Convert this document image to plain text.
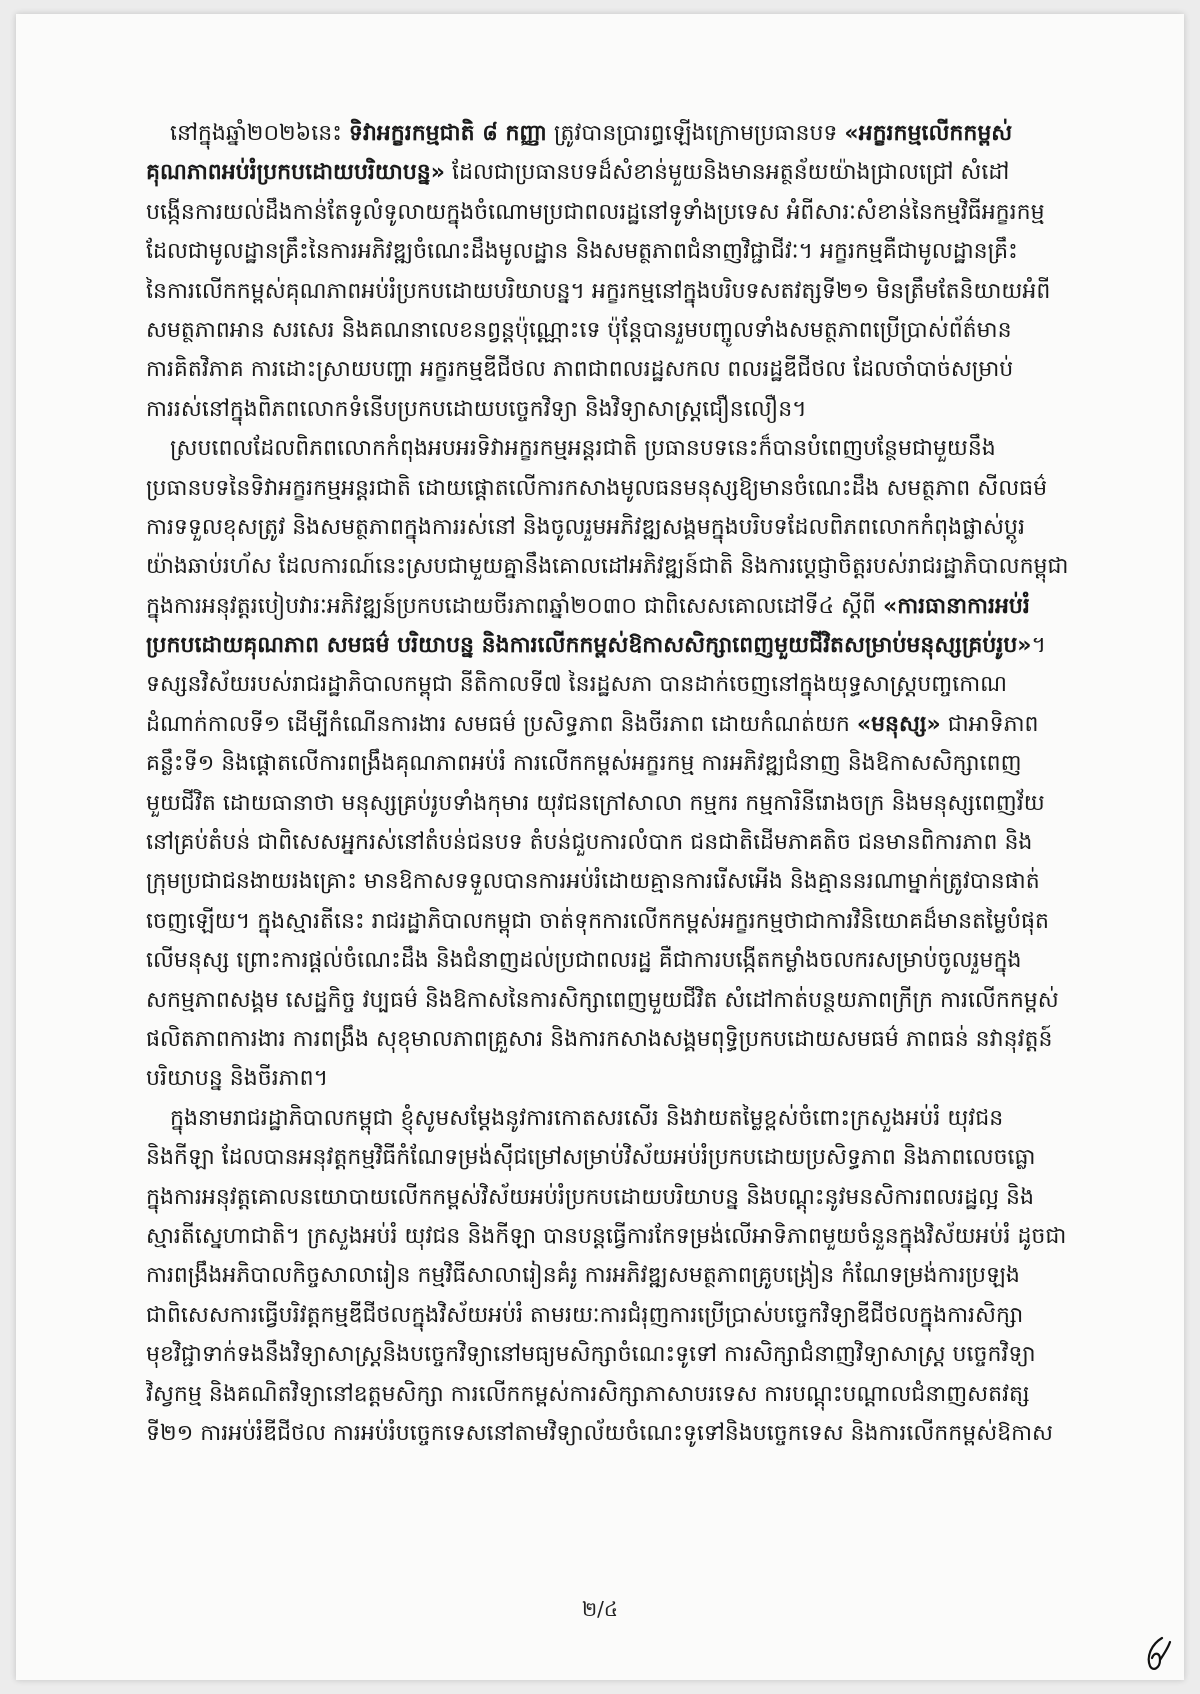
នៅក្នុងឆ្នាំ២០២៦នេះ ទិវាអក្ខរកម្មជាតិ ៨ កញ្ញា ត្រូវបានប្រារព្ធឡើងក្រោមប្រធានបទ «អក្ខរកម្មលើកកម្ពស់
គុណភាពអប់រំប្រកបដោយបរិយាបន្ន» ដែលជាប្រធានបទដ៏សំខាន់មួយនិងមានអត្ថន័យយ៉ាងជ្រាលជ្រៅ សំដៅ
បង្កើនការយល់ដឹងកាន់តែទូលំទូលាយក្នុងចំណោមប្រជាពលរដ្ឋនៅទូទាំងប្រទេស អំពីសារៈសំខាន់នៃកម្មវិធីអក្ខរកម្ម
ដែលជាមូលដ្ឋានគ្រឹះនៃការអភិវឌ្ឍចំណេះដឹងមូលដ្ឋាន និងសមត្ថភាពជំនាញវិជ្ជាជីវៈ។ អក្ខរកម្មគឺជាមូលដ្ឋានគ្រឹះ
នៃការលើកកម្ពស់គុណភាពអប់រំប្រកបដោយបរិយាបន្ន។ អក្ខរកម្មនៅក្នុងបរិបទសតវត្សទី២១ មិនត្រឹមតែនិយាយអំពី
សមត្ថភាពអាន សរសេរ និងគណនាលេខនព្វន្តប៉ុណ្ណោះទេ ប៉ុន្តែបានរួមបញ្ចូលទាំងសមត្ថភាពប្រើប្រាស់ព័ត៌មាន
ការគិតវិភាគ ការដោះស្រាយបញ្ហា អក្ខរកម្មឌីជីថល ភាពជាពលរដ្ឋសកល ពលរដ្ឋឌីជីថល ដែលចាំបាច់សម្រាប់
ការរស់នៅក្នុងពិភពលោកទំនើបប្រកបដោយបច្ចេកវិទ្យា និងវិទ្យាសាស្ត្រជឿនលឿន។
ស្របពេលដែលពិភពលោកកំពុងអបអរទិវាអក្ខរកម្មអន្តរជាតិ ប្រធានបទនេះក៏បានបំពេញបន្ថែមជាមួយនឹង
ប្រធានបទនៃទិវាអក្ខរកម្មអន្តរជាតិ ដោយផ្តោតលើការកសាងមូលធនមនុស្សឱ្យមានចំណេះដឹង សមត្ថភាព សីលធម៌
ការទទួលខុសត្រូវ និងសមត្ថភាពក្នុងការរស់នៅ និងចូលរួមអភិវឌ្ឍសង្គមក្នុងបរិបទដែលពិភពលោកកំពុងផ្លាស់ប្តូរ
យ៉ាងឆាប់រហ័ស ដែលការណ៍នេះស្របជាមួយគ្នានឹងគោលដៅអភិវឌ្ឍន៍ជាតិ និងការប្តេជ្ញាចិត្តរបស់រាជរដ្ឋាភិបាលកម្ពុជា
ក្នុងការអនុវត្តរបៀបវារៈអភិវឌ្ឍន៍ប្រកបដោយចីរភាពឆ្នាំ២០៣០ ជាពិសេសគោលដៅទី៤ ស្តីពី «ការធានាការអប់រំ
ប្រកបដោយគុណភាព សមធម៌ បរិយាបន្ន និងការលើកកម្ពស់ឱកាសសិក្សាពេញមួយជីវិតសម្រាប់មនុស្សគ្រប់រូប»។
ទស្សនវិស័យរបស់រាជរដ្ឋាភិបាលកម្ពុជា នីតិកាលទី៧ នៃរដ្ឋសភា បានដាក់ចេញនៅក្នុងយុទ្ធសាស្ត្របញ្ចកោណ
ដំណាក់កាលទី១ ដើម្បីកំណើនការងារ សមធម៌ ប្រសិទ្ធភាព និងចីរភាព ដោយកំណត់យក «មនុស្ស» ជាអាទិភាព
គន្លឹះទី១ និងផ្តោតលើការពង្រឹងគុណភាពអប់រំ ការលើកកម្ពស់អក្ខរកម្ម ការអភិវឌ្ឍជំនាញ និងឱកាសសិក្សាពេញ
មួយជីវិត ដោយធានាថា មនុស្សគ្រប់រូបទាំងកុមារ យុវជនក្រៅសាលា កម្មករ កម្មការិនីរោងចក្រ និងមនុស្សពេញវ័យ
នៅគ្រប់តំបន់ ជាពិសេសអ្នករស់នៅតំបន់ជនបទ តំបន់ជួបការលំបាក ជនជាតិដើមភាគតិច ជនមានពិការភាព និង
ក្រុមប្រជាជនងាយរងគ្រោះ មានឱកាសទទួលបានការអប់រំដោយគ្មានការរើសអើង និងគ្មាននរណាម្នាក់ត្រូវបានផាត់
ចេញឡើយ។ ក្នុងស្មារតីនេះ រាជរដ្ឋាភិបាលកម្ពុជា ចាត់ទុកការលើកកម្ពស់អក្ខរកម្មថាជាការវិនិយោគដ៏មានតម្លៃបំផុត
លើមនុស្ស ព្រោះការផ្តល់ចំណេះដឹង និងជំនាញដល់ប្រជាពលរដ្ឋ គឺជាការបង្កើតកម្លាំងចលករសម្រាប់ចូលរួមក្នុង
សកម្មភាពសង្គម សេដ្ឋកិច្ច វប្បធម៌ និងឱកាសនៃការសិក្សាពេញមួយជីវិត សំដៅកាត់បន្ថយភាពក្រីក្រ ការលើកកម្ពស់
ផលិតភាពការងារ ការពង្រឹង សុខុមាលភាពគ្រួសារ និងការកសាងសង្គមពុទ្ធិប្រកបដោយសមធម៌ ភាពធន់ នវានុវត្តន៍
បរិយាបន្ន និងចីរភាព។
ក្នុងនាមរាជរដ្ឋាភិបាលកម្ពុជា ខ្ញុំសូមសម្តែងនូវការកោតសរសើរ និងវាយតម្លៃខ្ពស់ចំពោះក្រសួងអប់រំ យុវជន
និងកីឡា ដែលបានអនុវត្តកម្មវិធីកំណែទម្រង់ស៊ីជម្រៅសម្រាប់វិស័យអប់រំប្រកបដោយប្រសិទ្ធភាព និងភាពលេចធ្លោ
ក្នុងការអនុវត្តគោលនយោបាយលើកកម្ពស់វិស័យអប់រំប្រកបដោយបរិយាបន្ន និងបណ្តុះនូវមនសិការពលរដ្ឋល្អ និង
ស្មារតីស្នេហាជាតិ។ ក្រសួងអប់រំ យុវជន និងកីឡា បានបន្តធ្វើការកែទម្រង់លើអាទិភាពមួយចំនួនក្នុងវិស័យអប់រំ ដូចជា
ការពង្រឹងអភិបាលកិច្ចសាលារៀន កម្មវិធីសាលារៀនគំរូ ការអភិវឌ្ឍសមត្ថភាពគ្រូបង្រៀន កំណែទម្រង់ការប្រឡង
ជាពិសេសការធ្វើបរិវត្តកម្មឌីជីថលក្នុងវិស័យអប់រំ តាមរយៈការជំរុញការប្រើប្រាស់បច្ចេកវិទ្យាឌីជីថលក្នុងការសិក្សា
មុខវិជ្ជាទាក់ទងនឹងវិទ្យាសាស្ត្រនិងបច្ចេកវិទ្យានៅមធ្យមសិក្សាចំណេះទូទៅ ការសិក្សាជំនាញវិទ្យាសាស្ត្រ បច្ចេកវិទ្យា
វិស្វកម្ម និងគណិតវិទ្យានៅឧត្តមសិក្សា ការលើកកម្ពស់ការសិក្សាភាសាបរទេស ការបណ្តុះបណ្តាលជំនាញសតវត្ស
ទី២១ ការអប់រំឌីជីថល ការអប់រំបច្ចេកទេសនៅតាមវិទ្យាល័យចំណេះទូទៅនិងបច្ចេកទេស និងការលើកកម្ពស់ឱកាស
២/៤
